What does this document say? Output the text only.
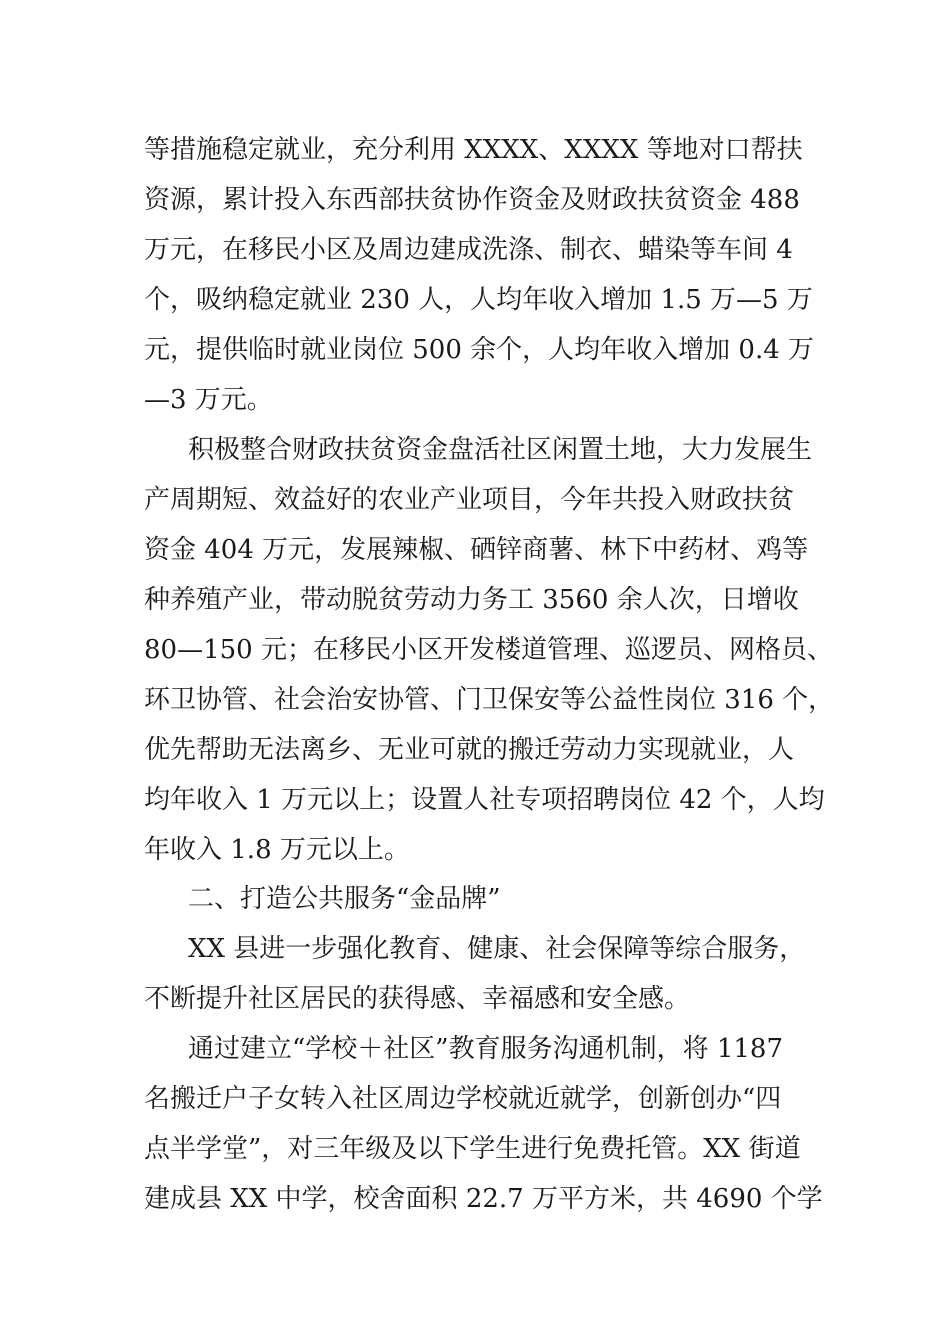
等措施稳定就业，充分利用 XXXX、XXXX 等地对口帮扶
资源，累计投入东西部扶贫协作资金及财政扶贫资金 488
万元，在移民小区及周边建成洗涤、制衣、蜡染等车间 4
个，吸纳稳定就业 230 人，人均年收入增加 1.5 万—5 万
元，提供临时就业岗位 500 余个，人均年收入增加 0.4 万
—3 万元。
积极整合财政扶贫资金盘活社区闲置土地，大力发展生
产周期短、效益好的农业产业项目，今年共投入财政扶贫
资金 404 万元，发展辣椒、硒锌商薯、林下中药材、鸡等
种养殖产业，带动脱贫劳动力务工 3560 余人次，日增收
80—150 元；在移民小区开发楼道管理、巡逻员、网格员、
环卫协管、社会治安协管、门卫保安等公益性岗位 316 个，
优先帮助无法离乡、无业可就的搬迁劳动力实现就业，人
均年收入 1 万元以上；设置人社专项招聘岗位 42 个，人均
年收入 1.8 万元以上。
二、打造公共服务“金品牌”
XX 县进一步强化教育、健康、社会保障等综合服务，
不断提升社区居民的获得感、幸福感和安全感。
通过建立“学校＋社区”教育服务沟通机制，将 1187
名搬迁户子女转入社区周边学校就近就学，创新创办“四
点半学堂”，对三年级及以下学生进行免费托管。XX 街道
建成县 XX 中学，校舍面积 22.7 万平方米，共 4690 个学
